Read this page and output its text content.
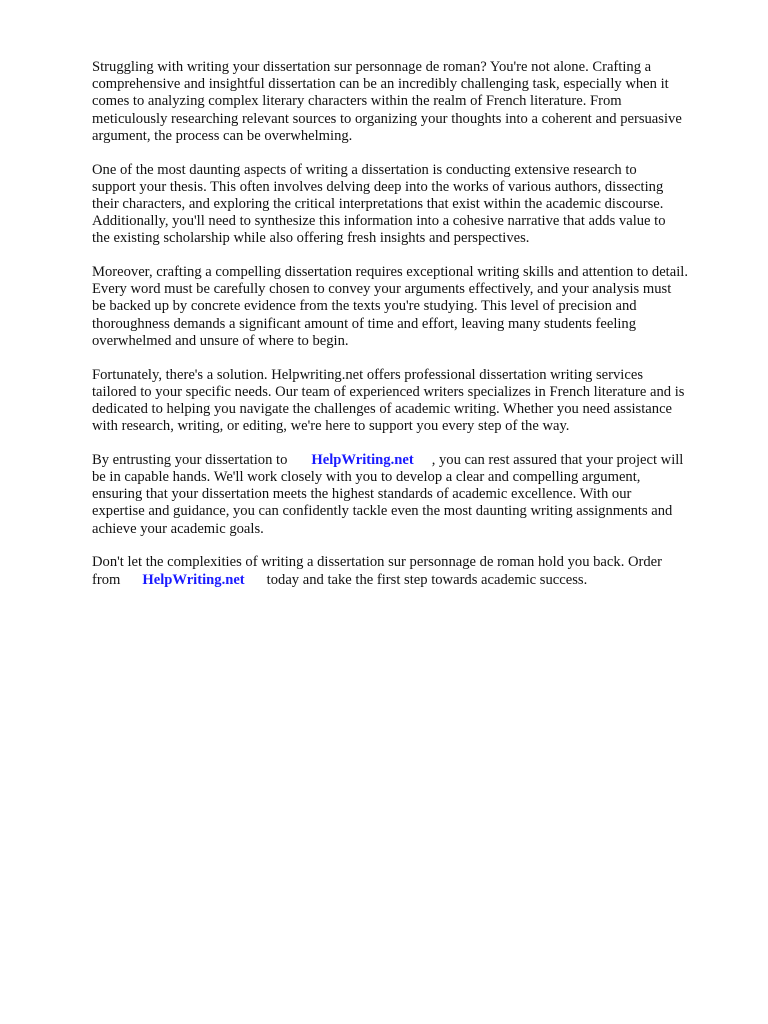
Struggling with writing your dissertation sur personnage de roman? You're not alone. Crafting a
comprehensive and insightful dissertation can be an incredibly challenging task, especially when it
comes to analyzing complex literary characters within the realm of French literature. From
meticulously researching relevant sources to organizing your thoughts into a coherent and persuasive
argument, the process can be overwhelming.

One of the most daunting aspects of writing a dissertation is conducting extensive research to
support your thesis. This often involves delving deep into the works of various authors, dissecting
their characters, and exploring the critical interpretations that exist within the academic discourse.
Additionally, you'll need to synthesize this information into a cohesive narrative that adds value to
the existing scholarship while also offering fresh insights and perspectives.

Moreover, crafting a compelling dissertation requires exceptional writing skills and attention to detail.
Every word must be carefully chosen to convey your arguments effectively, and your analysis must
be backed up by concrete evidence from the texts you're studying. This level of precision and
thoroughness demands a significant amount of time and effort, leaving many students feeling
overwhelmed and unsure of where to begin.

Fortunately, there's a solution. Helpwriting.net offers professional dissertation writing services
tailored to your specific needs. Our team of experienced writers specializes in French literature and is
dedicated to helping you navigate the challenges of academic writing. Whether you need assistance
with research, writing, or editing, we're here to support you every step of the way.

By entrusting your dissertation to HelpWriting.net , you can rest assured that your project will
be in capable hands. We'll work closely with you to develop a clear and compelling argument,
ensuring that your dissertation meets the highest standards of academic excellence. With our
expertise and guidance, you can confidently tackle even the most daunting writing assignments and
achieve your academic goals.

Don't let the complexities of writing a dissertation sur personnage de roman hold you back. Order
from HelpWriting.net today and take the first step towards academic success.
